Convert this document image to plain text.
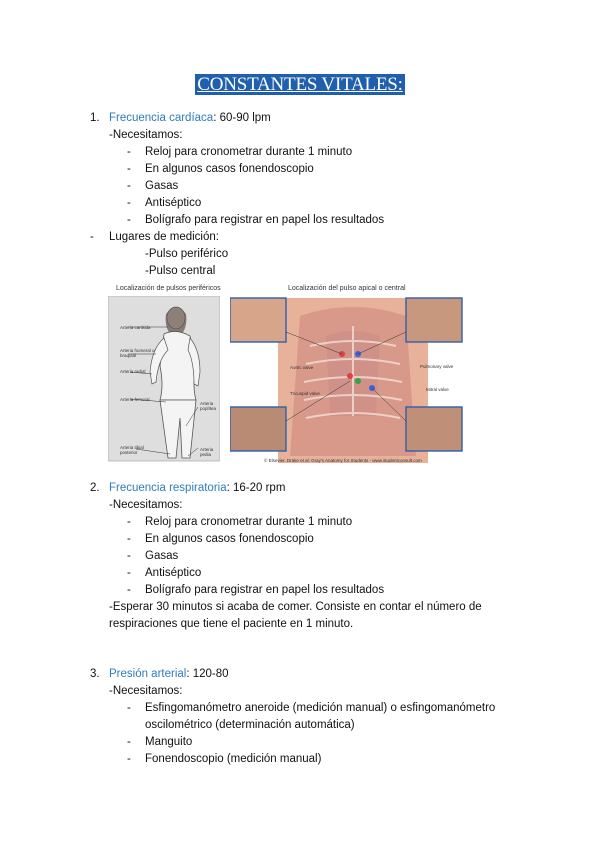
CONSTANTES VITALES:
1. Frecuencia cardíaca: 60-90 lpm
-Necesitamos:
- Reloj para cronometrar durante 1 minuto
- En algunos casos fonendoscopio
- Gasas
- Antiséptico
- Bolígrafo para registrar en papel los resultados
- Lugares de medición:
-Pulso periférico
-Pulso central
Localización de pulsos periféricos
Arteria carótida
Arteria humeral o braquial
Arteria radial
Arteria femoral
Arteria tibial posterior
Arteria poplítea
Arteria pedia
Localización del pulso apical o central
Pulmonary valve
Aortic valve
Tricuspid valve
Mitral valve
© Elsevier. Drake et al: Gray's Anatomy for Students - www.studentconsult.com
2. Frecuencia respiratoria: 16-20 rpm
-Necesitamos:
- Reloj para cronometrar durante 1 minuto
- En algunos casos fonendoscopio
- Gasas
- Antiséptico
- Bolígrafo para registrar en papel los resultados
-Esperar 30 minutos si acaba de comer. Consiste en contar el número de
respiraciones que tiene el paciente en 1 minuto.
3. Presión arterial: 120-80
-Necesitamos:
- Esfingomanómetro aneroide (medición manual) o esfingomanómetro
oscilométrico (determinación automática)
- Manguito
- Fonendoscopio (medición manual)
